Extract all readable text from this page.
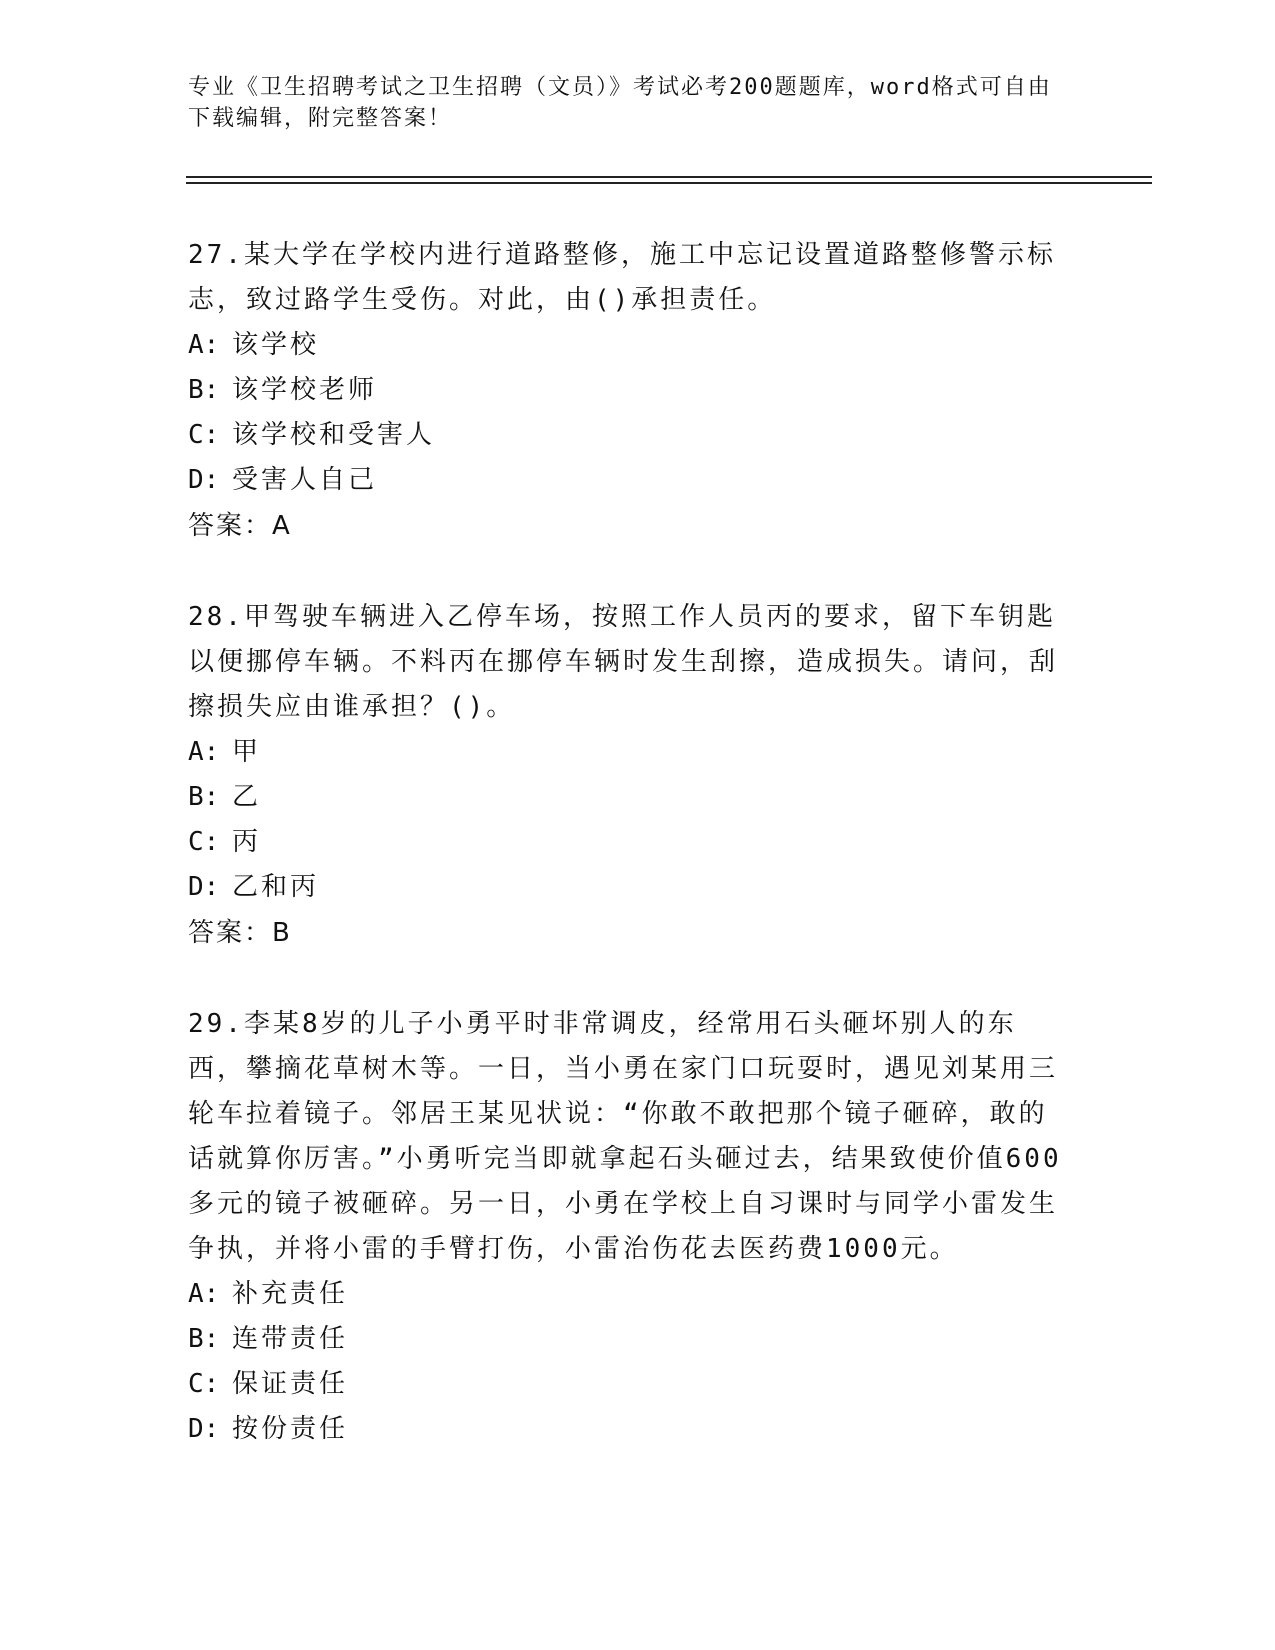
专业《卫生招聘考试之卫生招聘（文员）》考试必考200题题库，word格式可自由下载编辑，附完整答案！
27.某大学在学校内进行道路整修，施工中忘记设置道路整修警示标志，致过路学生受伤。对此，由()承担责任。
A: 该学校
B: 该学校老师
C: 该学校和受害人
D: 受害人自己
答案：A
28.甲驾驶车辆进入乙停车场，按照工作人员丙的要求，留下车钥匙以便挪停车辆。不料丙在挪停车辆时发生刮擦，造成损失。请问，刮擦损失应由谁承担？()。
A: 甲
B: 乙
C: 丙
D: 乙和丙
答案：B
29.李某8岁的儿子小勇平时非常调皮，经常用石头砸坏别人的东西，攀摘花草树木等。一日，当小勇在家门口玩耍时，遇见刘某用三轮车拉着镜子。邻居王某见状说：“你敢不敢把那个镜子砸碎，敢的话就算你厉害。”小勇听完当即就拿起石头砸过去，结果致使价值600多元的镜子被砸碎。另一日，小勇在学校上自习课时与同学小雷发生争执，并将小雷的手臂打伤，小雷治伤花去医药费1000元。
A: 补充责任
B: 连带责任
C: 保证责任
D: 按份责任
